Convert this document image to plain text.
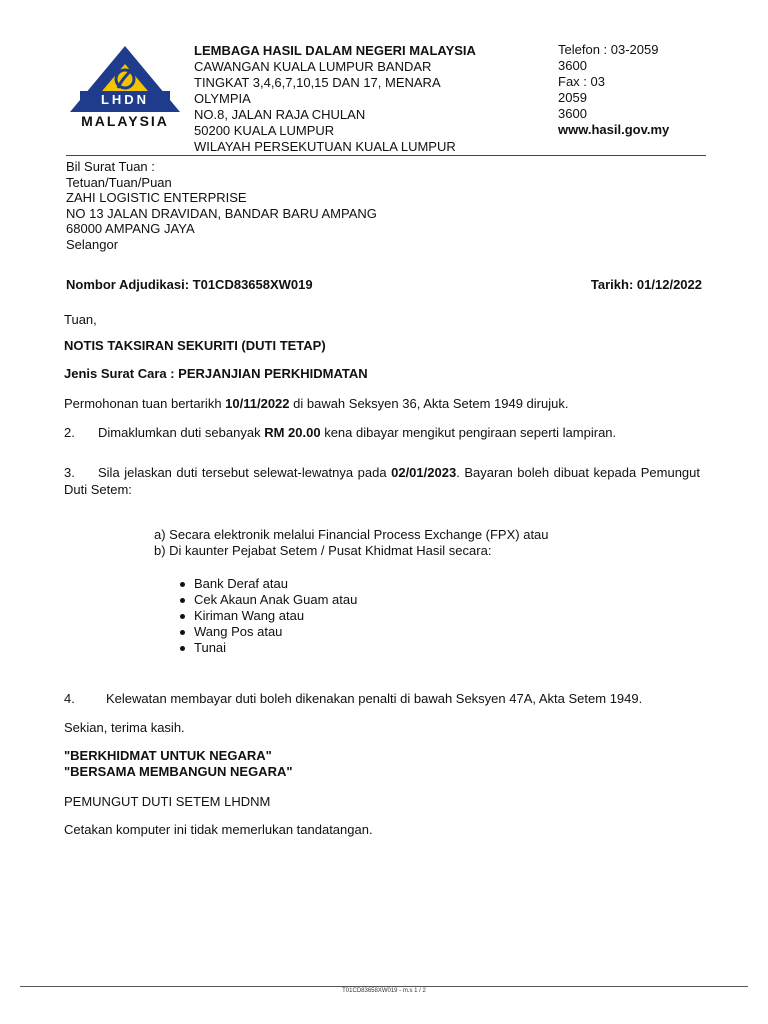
LHDN
MALAYSIA
LEMBAGA HASIL DALAM NEGERI MALAYSIA
CAWANGAN KUALA LUMPUR BANDAR
TINGKAT 3,4,6,7,10,15 DAN 17, MENARA
OLYMPIA
NO.8, JALAN RAJA CHULAN
50200 KUALA LUMPUR
WILAYAH PERSEKUTUAN KUALA LUMPUR
Telefon : 03-2059
3600
Fax : 03
2059
3600
www.hasil.gov.my
Bil Surat Tuan :
Tetuan/Tuan/Puan
ZAHI LOGISTIC ENTERPRISE
NO 13 JALAN DRAVIDAN, BANDAR BARU AMPANG
68000 AMPANG JAYA
Selangor
Nombor Adjudikasi: T01CD83658XW019	Tarikh: 01/12/2022
Tuan,
NOTIS TAKSIRAN SEKURITI (DUTI TETAP)
Jenis Surat Cara : PERJANJIAN PERKHIDMATAN
Permohonan tuan bertarikh 10/11/2022 di bawah Seksyen 36, Akta Setem 1949 dirujuk.
2. Dimaklumkan duti sebanyak RM 20.00 kena dibayar mengikut pengiraan seperti lampiran.
3. Sila jelaskan duti tersebut selewat-lewatnya pada 02/01/2023. Bayaran boleh dibuat kepada Pemungut Duti Setem:
a) Secara elektronik melalui Financial Process Exchange (FPX) atau
b) Di kaunter Pejabat Setem / Pusat Khidmat Hasil secara:
Bank Deraf atau
Cek Akaun Anak Guam atau
Kiriman Wang atau
Wang Pos atau
Tunai
4. Kelewatan membayar duti boleh dikenakan penalti di bawah Seksyen 47A, Akta Setem 1949.
Sekian, terima kasih.
"BERKHIDMAT UNTUK NEGARA"
"BERSAMA MEMBANGUN NEGARA"
PEMUNGUT DUTI SETEM LHDNM
Cetakan komputer ini tidak memerlukan tandatangan.
T01CD83658XW019 - m.s 1 / 2
